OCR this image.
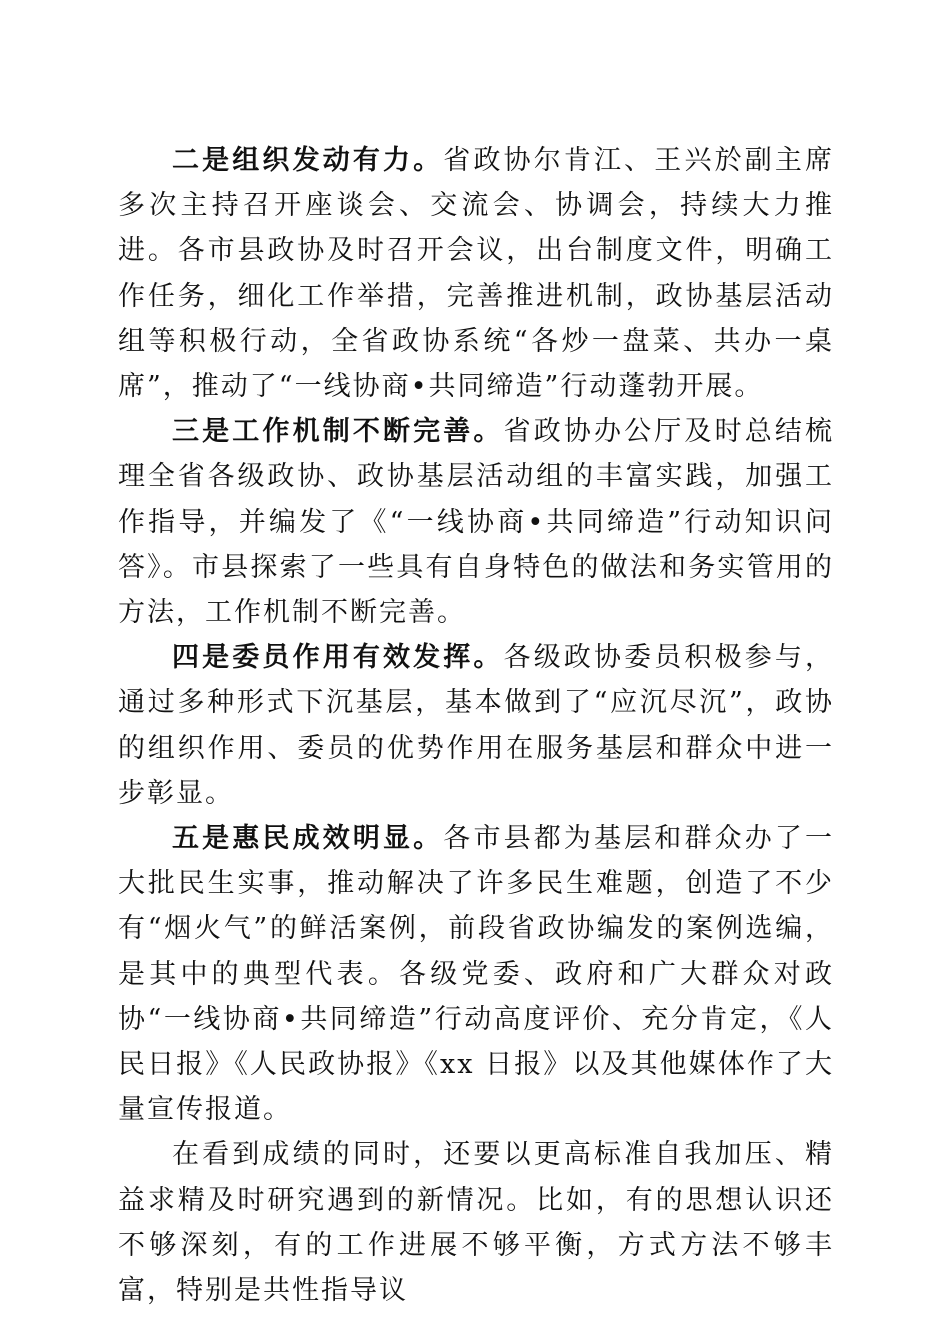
二是组织发动有力。省政协尔肯江、王兴於副主席多次主持召开座谈会、交流会、协调会，持续大力推进。各市县政协及时召开会议，出台制度文件，明确工作任务，细化工作举措，完善推进机制，政协基层活动组等积极行动，全省政协系统“各炒一盘菜、共办一桌席”，推动了“一线协商•共同缔造”行动蓬勃开展。

三是工作机制不断完善。省政协办公厅及时总结梳理全省各级政协、政协基层活动组的丰富实践，加强工作指导，并编发了《“一线协商•共同缔造”行动知识问答》。市县探索了一些具有自身特色的做法和务实管用的方法，工作机制不断完善。

四是委员作用有效发挥。各级政协委员积极参与，通过多种形式下沉基层，基本做到了“应沉尽沉”，政协的组织作用、委员的优势作用在服务基层和群众中进一步彰显。

五是惠民成效明显。各市县都为基层和群众办了一大批民生实事，推动解决了许多民生难题，创造了不少有“烟火气”的鲜活案例，前段省政协编发的案例选编，是其中的典型代表。各级党委、政府和广大群众对政协“一线协商•共同缔造”行动高度评价、充分肯定，《人民日报》《人民政协报》《xx 日报》以及其他媒体作了大量宣传报道。

在看到成绩的同时，还要以更高标准自我加压、精益求精及时研究遇到的新情况。比如，有的思想认识还不够深刻，有的工作进展不够平衡，方式方法不够丰富，特别是共性指导议
